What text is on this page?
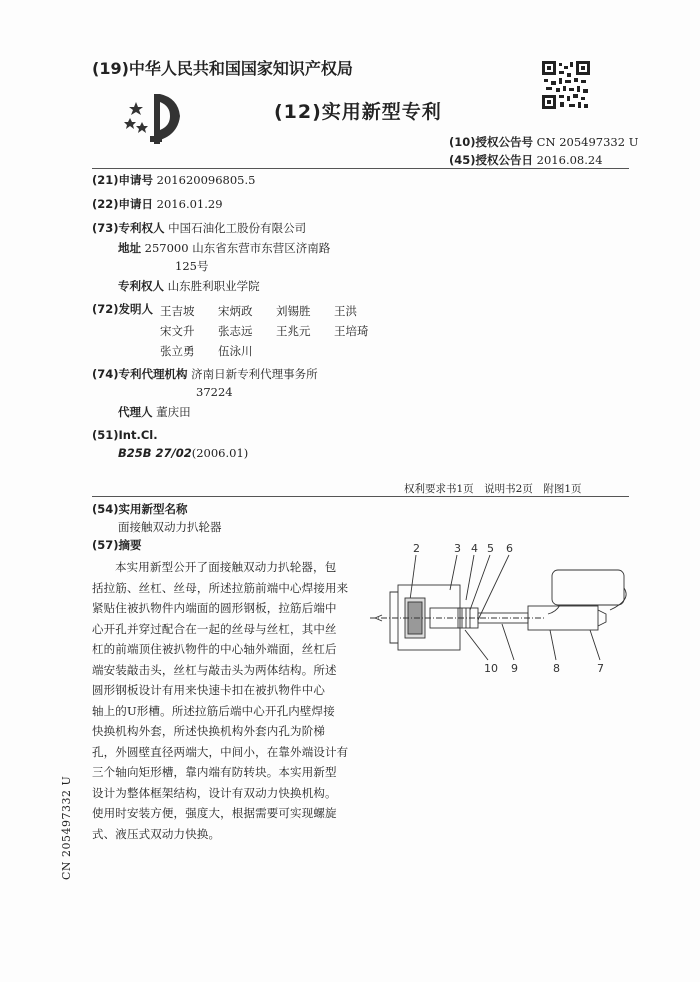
(19)中华人民共和国国家知识产权局
(12)实用新型专利
(10)授权公告号 CN 205497332 U
(45)授权公告日 2016.08.24
(21)申请号 201620096805.5
(22)申请日 2016.01.29
(73)专利权人 中国石油化工股份有限公司
地址 257000 山东省东营市东营区济南路
125号
专利权人 山东胜利职业学院
(72)发明人 王吉坡 宋炳政 刘锡胜 王洪
宋文升 张志远 王兆元 王培琦
张立勇 伍泳川
(74)专利代理机构 济南日新专利代理事务所
37224
代理人 董庆田
(51)Int.Cl.
B25B 27/02(2006.01)
权利要求书1页　说明书2页　附图1页
(54)实用新型名称
面接触双动力扒轮器
(57)摘要

本实用新型公开了面接触双动力扒轮器，包

括拉筋、丝杠、丝母，所述拉筋前端中心焊接用来

紧贴住被扒物件内端面的圆形钢板，拉筋后端中

心开孔并穿过配合在一起的丝母与丝杠，其中丝

杠的前端顶住被扒物件的中心轴外端面，丝杠后

端安装敲击头，丝杠与敲击头为两体结构。所述

圆形钢板设计有用来快速卡扣在被扒物件中心

轴上的U形槽。所述拉筋后端中心开孔内壁焊接

快换机构外套，所述快换机构外套内孔为阶梯

孔，外圆壁直径两端大，中间小，在靠外端设计有

三个轴向矩形槽，靠内端有防转块。本实用新型

设计为整体框架结构，设计有双动力快换机构。

使用时安装方便，强度大，根据需要可实现螺旋

式、液压式双动力快换。

2	3 4 5 6
10 9	8	7
CN 205497332 U
